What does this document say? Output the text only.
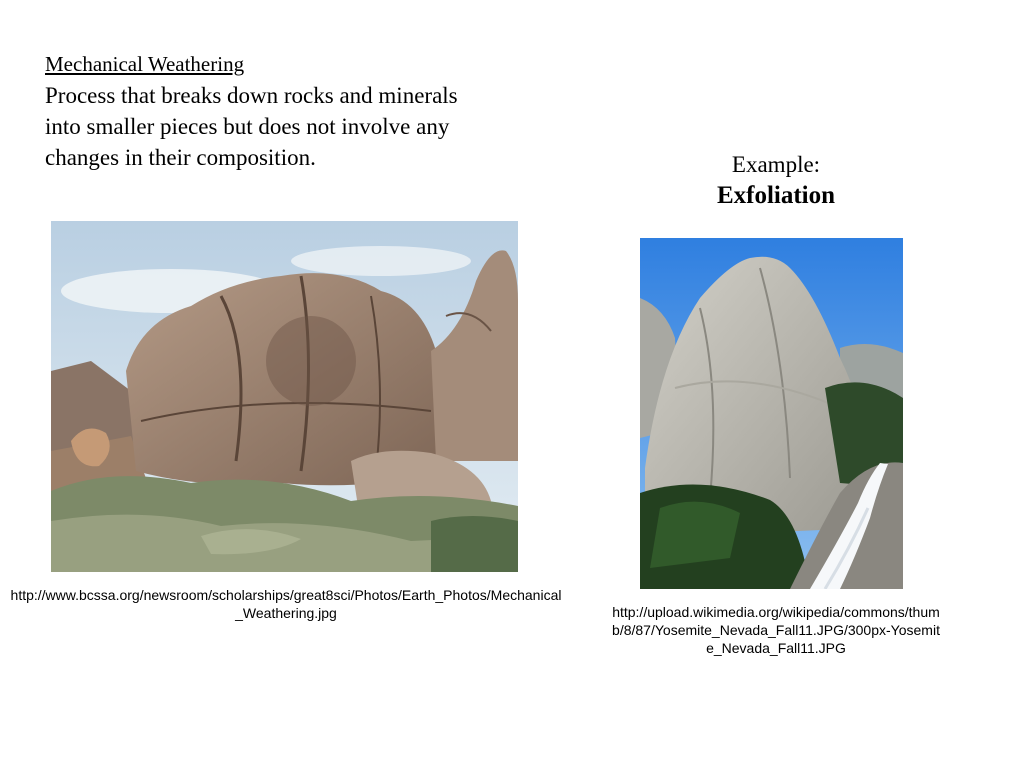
Mechanical Weathering
Process that breaks down rocks and minerals into smaller pieces but does not involve any changes in their composition.	Example:
Exfoliation
http://www.bcssa.org/newsroom/scholarships/great8sci/Photos/Earth_Photos/Mechanical_Weathering.jpg	http://upload.wikimedia.org/wikipedia/commons/thumb/8/87/Yosemite_Nevada_Fall11.JPG/300px-Yosemite_Nevada_Fall11.JPG
